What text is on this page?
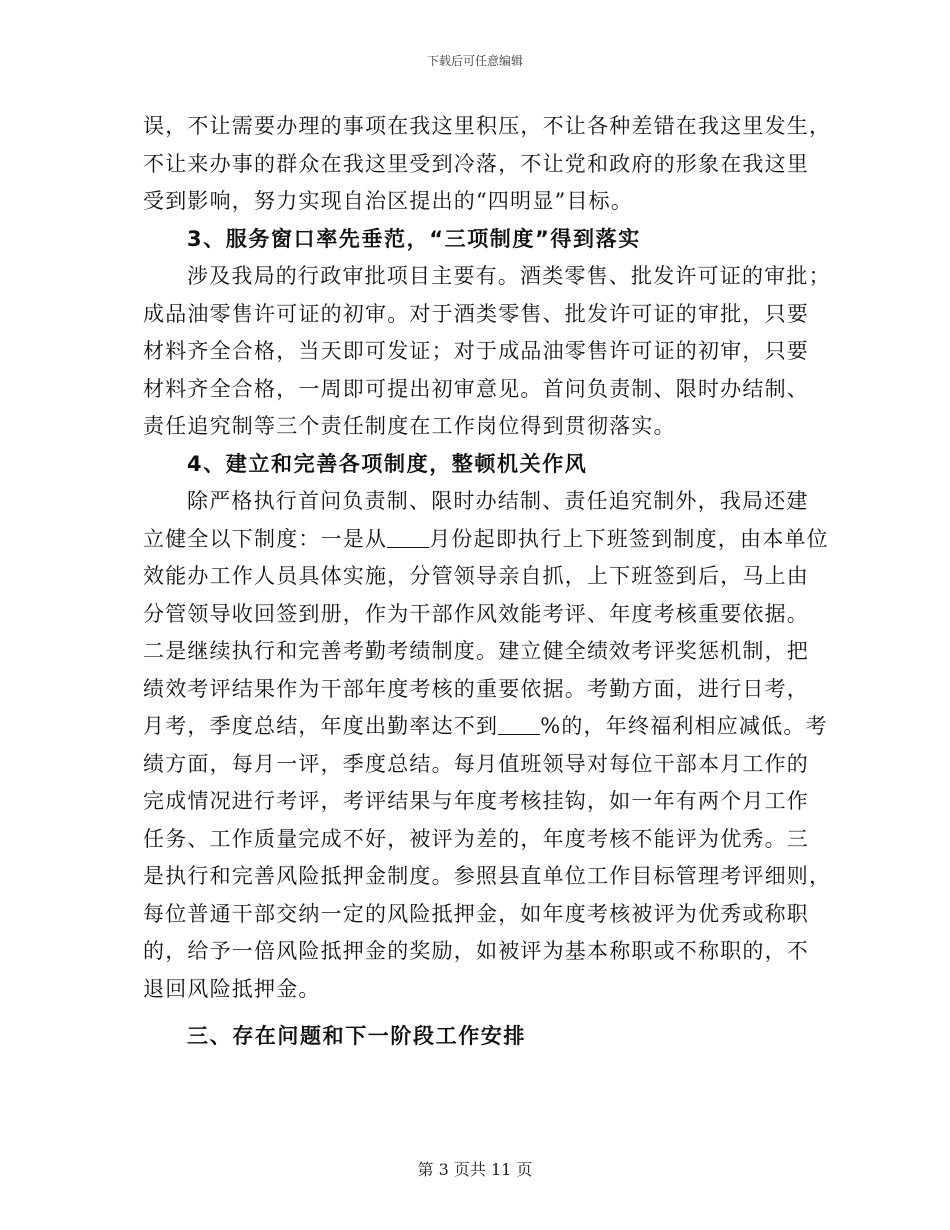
下载后可任意编辑
误，不让需要办理的事项在我这里积压，不让各种差错在我这里发生，
不让来办事的群众在我这里受到冷落，不让党和政府的形象在我这里
受到影响，努力实现自治区提出的“四明显”目标。
3、服务窗口率先垂范，“三项制度”得到落实
涉及我局的行政审批项目主要有。酒类零售、批发许可证的审批；
成品油零售许可证的初审。对于酒类零售、批发许可证的审批，只要
材料齐全合格，当天即可发证；对于成品油零售许可证的初审，只要
材料齐全合格，一周即可提出初审意见。首问负责制、限时办结制、
责任追究制等三个责任制度在工作岗位得到贯彻落实。
4、建立和完善各项制度，整顿机关作风
除严格执行首问负责制、限时办结制、责任追究制外，我局还建
立健全以下制度：一是从 月份起即执行上下班签到制度，由本单位
效能办工作人员具体实施，分管领导亲自抓，上下班签到后，马上由
分管领导收回签到册，作为干部作风效能考评、年度考核重要依据。
二是继续执行和完善考勤考绩制度。建立健全绩效考评奖惩机制，把
绩效考评结果作为干部年度考核的重要依据。考勤方面，进行日考，
月考，季度总结，年度出勤率达不到 %的，年终福利相应减低。考
绩方面，每月一评，季度总结。每月值班领导对每位干部本月工作的
完成情况进行考评，考评结果与年度考核挂钩，如一年有两个月工作
任务、工作质量完成不好，被评为差的，年度考核不能评为优秀。三
是执行和完善风险抵押金制度。参照县直单位工作目标管理考评细则，
每位普通干部交纳一定的风险抵押金，如年度考核被评为优秀或称职
的，给予一倍风险抵押金的奖励，如被评为基本称职或不称职的，不
退回风险抵押金。
三、存在问题和下一阶段工作安排
第 3 页共 11 页
